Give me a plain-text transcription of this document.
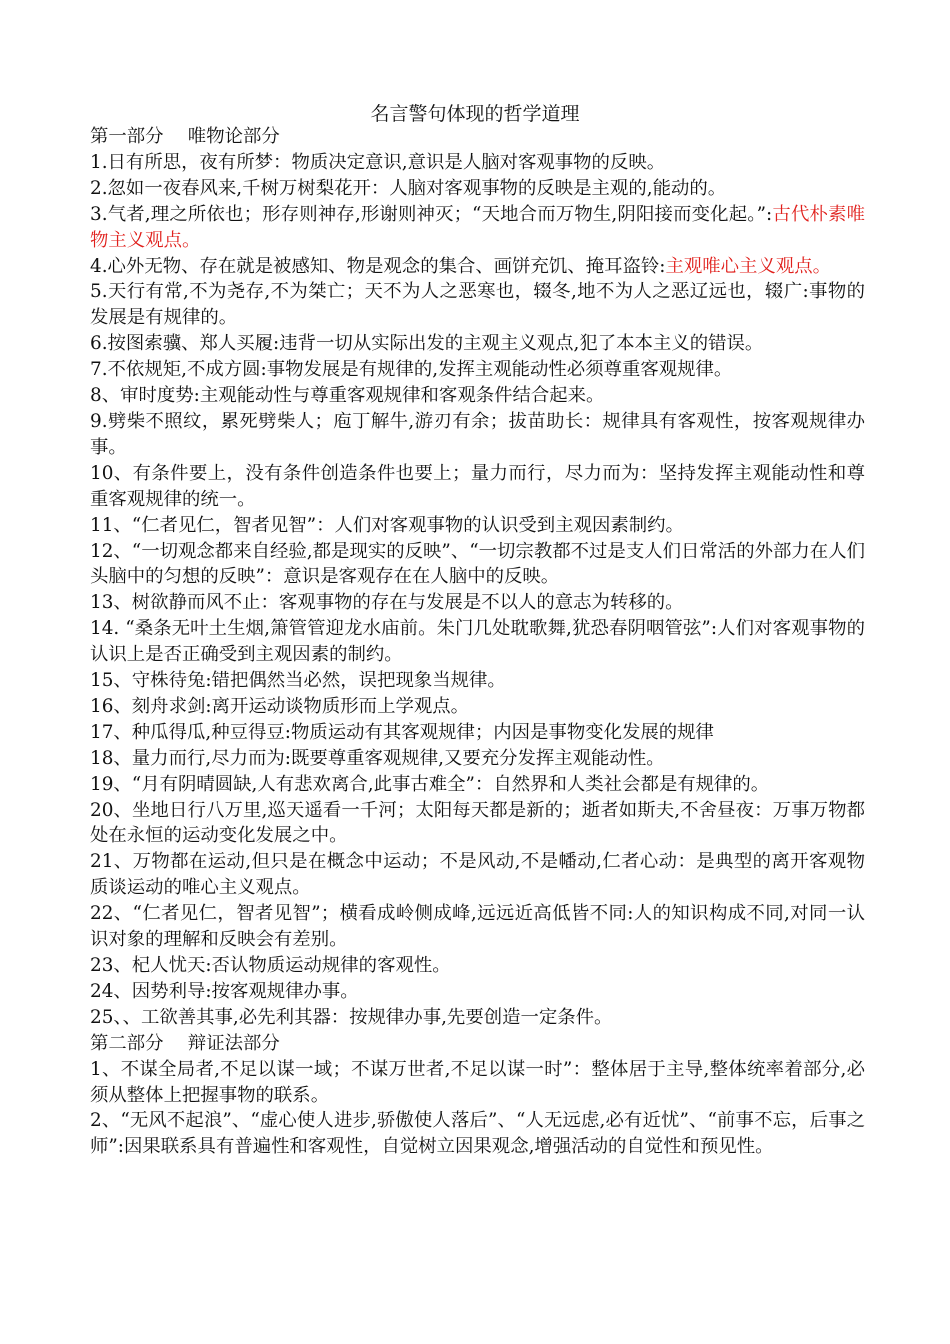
名言警句体现的哲学道理

第一部分　 唯物论部分

1.日有所思，夜有所梦：物质决定意识,意识是人脑对客观事物的反映。

2.忽如一夜春风来,千树万树梨花开：人脑对客观事物的反映是主观的,能动的。

3.气者,理之所依也；形存则神存,形谢则神灭；“天地合而万物生,阴阳接而变化起。”:古代朴素唯物主义观点。

4.心外无物、存在就是被感知、物是观念的集合、画饼充饥、掩耳盗铃:主观唯心主义观点。

5.天行有常,不为尧存,不为桀亡；天不为人之恶寒也，辍冬,地不为人之恶辽远也，辍广:事物的发展是有规律的。

6.按图索骥、郑人买履:违背一切从实际出发的主观主义观点,犯了本本主义的错误。

7.不依规矩,不成方圆:事物发展是有规律的,发挥主观能动性必须尊重客观规律。

8、审时度势:主观能动性与尊重客观规律和客观条件结合起来。

9.劈柴不照纹，累死劈柴人；庖丁解牛,游刃有余；拔苗助长：规律具有客观性，按客观规律办事。

10、有条件要上，没有条件创造条件也要上；量力而行，尽力而为：坚持发挥主观能动性和尊重客观规律的统一。

11、“仁者见仁，智者见智”：人们对客观事物的认识受到主观因素制约。

12、“一切观念都来自经验,都是现实的反映”、“一切宗教都不过是支人们日常活的外部力在人们头脑中的匀想的反映”：意识是客观存在在人脑中的反映。

13、树欲静而风不止：客观事物的存在与发展是不以人的意志为转移的。

14. “桑条无叶土生烟,箫管管迎龙水庙前。朱门几处耽歌舞,犹恐春阴咽管弦”:人们对客观事物的认识上是否正确受到主观因素的制约。

15、守株待兔:错把偶然当必然，误把现象当规律。

16、刻舟求剑:离开运动谈物质形而上学观点。

17、种瓜得瓜,种豆得豆:物质运动有其客观规律；内因是事物变化发展的规律

18、量力而行,尽力而为:既要尊重客观规律,又要充分发挥主观能动性。

19、“月有阴晴圆缺,人有悲欢离合,此事古难全”：自然界和人类社会都是有规律的。

20、坐地日行八万里,巡天遥看一千河；太阳每天都是新的；逝者如斯夫,不舍昼夜：万事万物都处在永恒的运动变化发展之中。

21、万物都在运动,但只是在概念中运动；不是风动,不是幡动,仁者心动：是典型的离开客观物质谈运动的唯心主义观点。

22、“仁者见仁，智者见智”；横看成岭侧成峰,远远近高低皆不同:人的知识构成不同,对同一认识对象的理解和反映会有差别。

23、杞人忧天:否认物质运动规律的客观性。

24、因势利导:按客观规律办事。

25、、工欲善其事,必先利其器：按规律办事,先要创造一定条件。

第二部分　 辩证法部分

1、不谋全局者,不足以谋一域；不谋万世者,不足以谋一时”：整体居于主导,整体统率着部分,必须从整体上把握事物的联系。

2、“无风不起浪”、“虚心使人进步,骄傲使人落后”、“人无远虑,必有近忧”、“前事不忘，后事之师”:因果联系具有普遍性和客观性，自觉树立因果观念,增强活动的自觉性和预见性。
